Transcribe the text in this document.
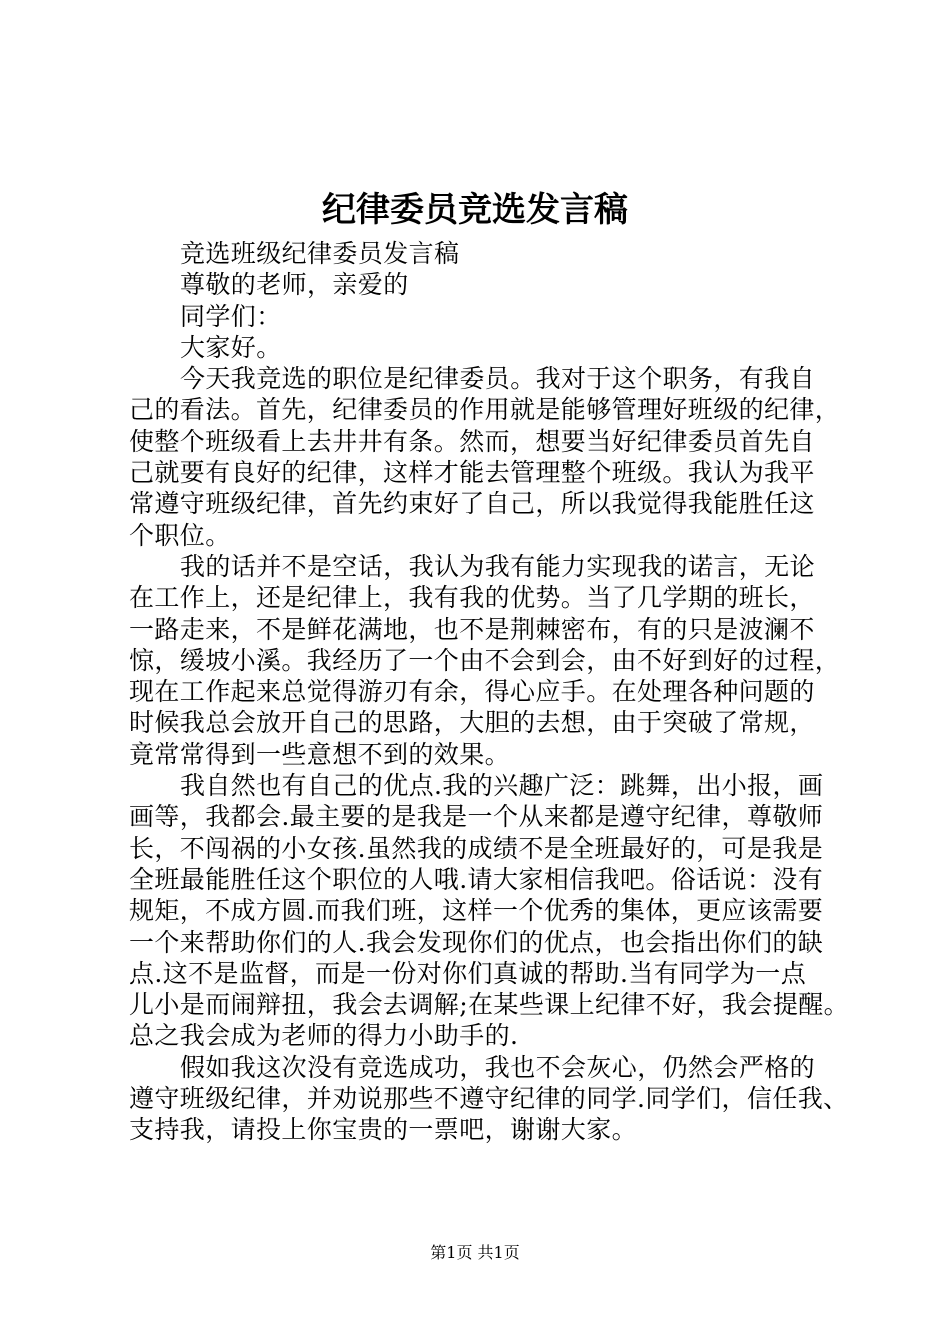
纪律委员竞选发言稿
竞选班级纪律委员发言稿
尊敬的老师，亲爱的
同学们：
大家好。
今天我竞选的职位是纪律委员。我对于这个职务，有我自
己的看法。首先，纪律委员的作用就是能够管理好班级的纪律，
使整个班级看上去井井有条。然而，想要当好纪律委员首先自
己就要有良好的纪律，这样才能去管理整个班级。我认为我平
常遵守班级纪律，首先约束好了自己，所以我觉得我能胜任这
个职位。
我的话并不是空话，我认为我有能力实现我的诺言，无论
在工作上，还是纪律上，我有我的优势。当了几学期的班长，
一路走来，不是鲜花满地，也不是荆棘密布，有的只是波澜不
惊，缓坡小溪。我经历了一个由不会到会，由不好到好的过程，
现在工作起来总觉得游刃有余，得心应手。在处理各种问题的
时候我总会放开自己的思路，大胆的去想，由于突破了常规，
竟常常得到一些意想不到的效果。
我自然也有自己的优点.我的兴趣广泛：跳舞，出小报，画
画等，我都会.最主要的是我是一个从来都是遵守纪律，尊敬师
长，不闯祸的小女孩.虽然我的成绩不是全班最好的，可是我是
全班最能胜任这个职位的人哦.请大家相信我吧。俗话说：没有
规矩，不成方圆.而我们班，这样一个优秀的集体，更应该需要
一个来帮助你们的人.我会发现你们的优点，也会指出你们的缺
点.这不是监督，而是一份对你们真诚的帮助.当有同学为一点
儿小是而闹辩扭，我会去调解;在某些课上纪律不好，我会提醒。
总之我会成为老师的得力小助手的.
假如我这次没有竞选成功，我也不会灰心，仍然会严格的
遵守班级纪律，并劝说那些不遵守纪律的同学.同学们，信任我、
支持我，请投上你宝贵的一票吧，谢谢大家。
第1页 共1页
